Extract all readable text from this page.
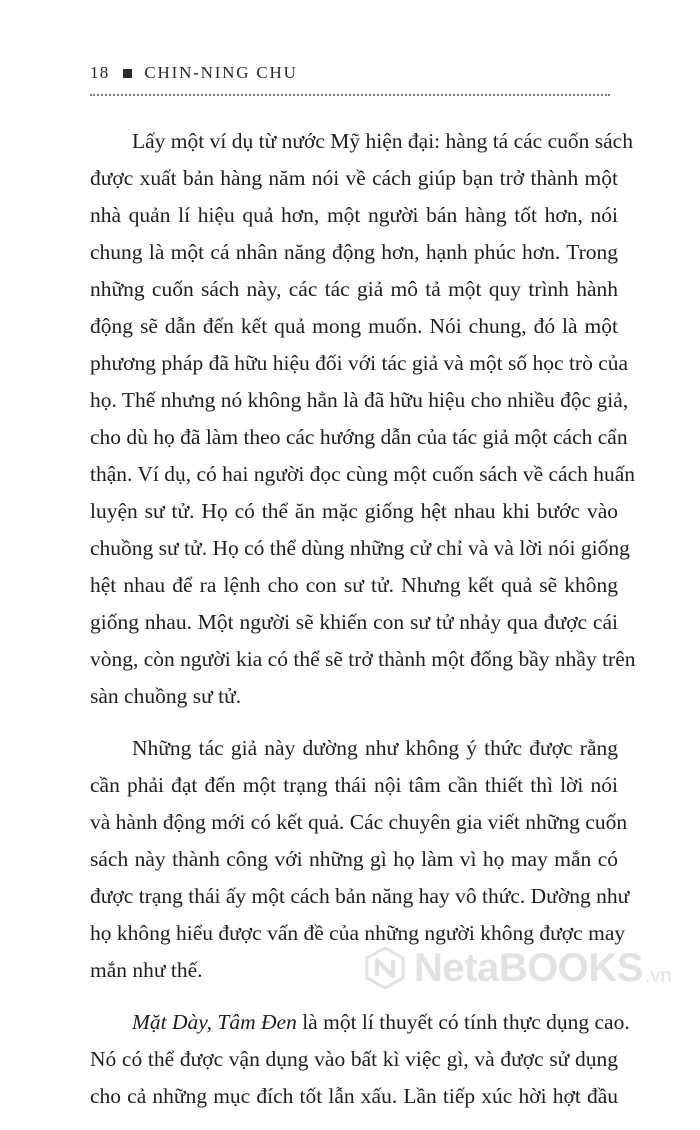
18 CHIN-NING CHU

Lấy một ví dụ từ nước Mỹ hiện đại: hàng tá các cuốn sách
được xuất bản hàng năm nói về cách giúp bạn trở thành một
nhà quản lí hiệu quả hơn, một người bán hàng tốt hơn, nói
chung là một cá nhân năng động hơn, hạnh phúc hơn. Trong
những cuốn sách này, các tác giả mô tả một quy trình hành
động sẽ dẫn đến kết quả mong muốn. Nói chung, đó là một
phương pháp đã hữu hiệu đối với tác giả và một số học trò của
họ. Thế nhưng nó không hẳn là đã hữu hiệu cho nhiều độc giả,
cho dù họ đã làm theo các hướng dẫn của tác giả một cách cẩn
thận. Ví dụ, có hai người đọc cùng một cuốn sách về cách huấn
luyện sư tử. Họ có thể ăn mặc giống hệt nhau khi bước vào
chuồng sư tử. Họ có thể dùng những cử chỉ và và lời nói giống
hệt nhau để ra lệnh cho con sư tử. Nhưng kết quả sẽ không
giống nhau. Một người sẽ khiến con sư tử nhảy qua được cái
vòng, còn người kia có thể sẽ trở thành một đống bầy nhầy trên
sàn chuồng sư tử.

Những tác giả này dường như không ý thức được rằng
cần phải đạt đến một trạng thái nội tâm cần thiết thì lời nói
và hành động mới có kết quả. Các chuyên gia viết những cuốn
sách này thành công với những gì họ làm vì họ may mắn có
được trạng thái ấy một cách bản năng hay vô thức. Dường như
họ không hiểu được vấn đề của những người không được may
mắn như thế.

Mặt Dày, Tâm Đen là một lí thuyết có tính thực dụng cao.
Nó có thể được vận dụng vào bất kì việc gì, và được sử dụng
cho cả những mục đích tốt lẫn xấu. Lần tiếp xúc hời hợt đầu

NetaBOOKS .vn
